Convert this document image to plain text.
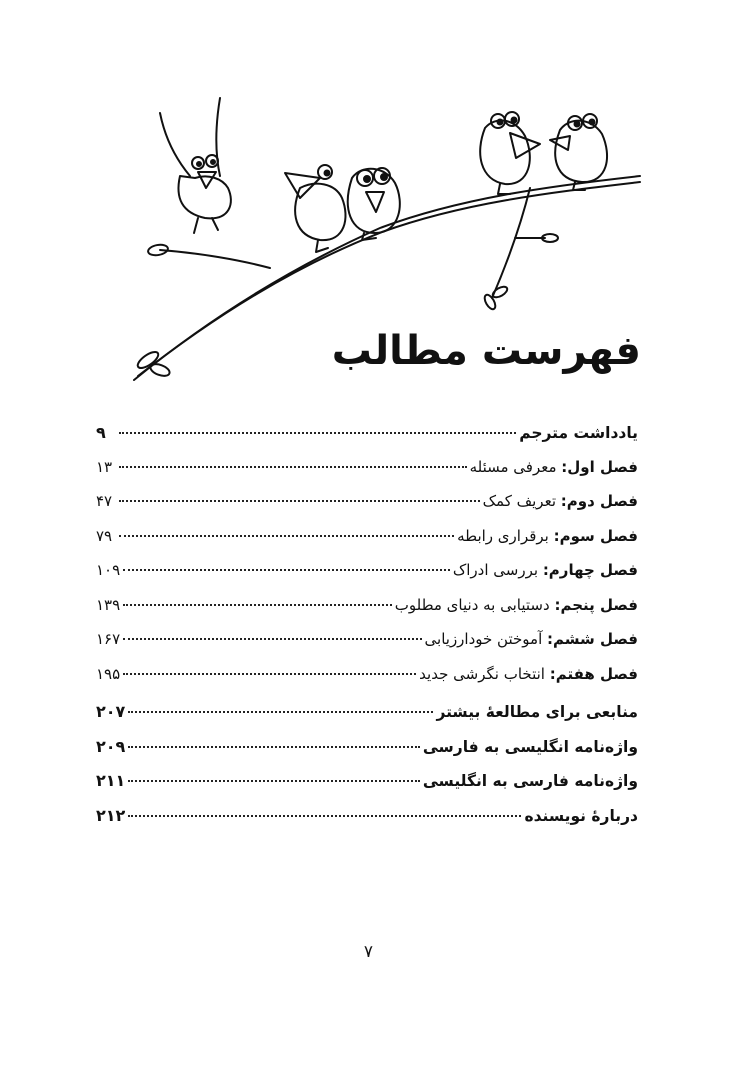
فهرست مطالب
یادداشت مترجم
۹
فصل اول: معرفی مسئله
۱۳
فصل دوم: تعریف کمک
۴۷
فصل سوم: برقراری رابطه
۷۹
فصل چهارم: بررسی ادراک
۱۰۹
فصل پنجم: دستیابی به دنیای مطلوب
۱۳۹
فصل ششم: آموختن خودارزیابی
۱۶۷
فصل هفتم: انتخاب نگرشی جدید
۱۹۵
منابعی برای مطالعهٔ بیشتر
۲۰۷
واژه‌نامه انگلیسی به فارسی
۲۰۹
واژه‌نامه فارسی به انگلیسی
۲۱۱
دربارهٔ نویسنده
۲۱۲
۷
